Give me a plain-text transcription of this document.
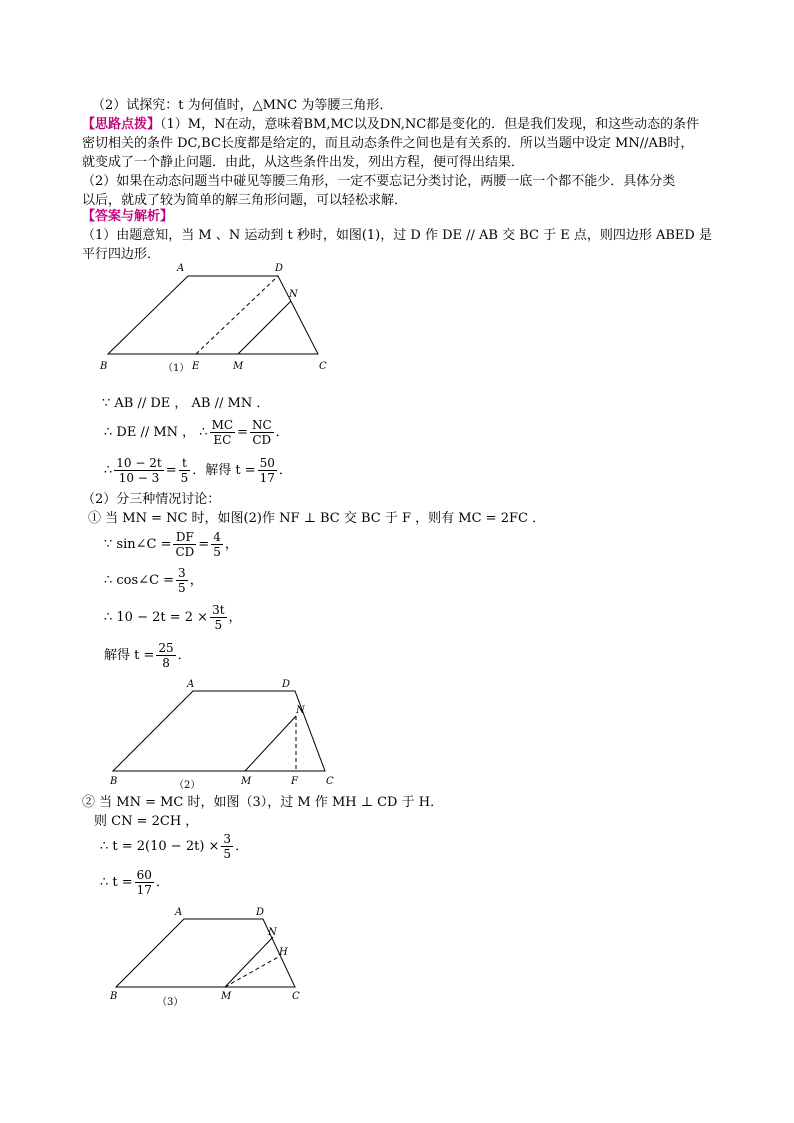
（2）试探究：t 为何值时，△MNC 为等腰三角形．
【思路点拨】（1）M，N在动，意味着BM,MC以及DN,NC都是变化的．但是我们发现，和这些动态的条件
密切相关的条件 DC,BC长度都是给定的，而且动态条件之间也是有关系的．所以当题中设定 MN//AB时，
就变成了一个静止问题．由此，从这些条件出发，列出方程，便可得出结果．
（2）如果在动态问题当中碰见等腰三角形，一定不要忘记分类讨论，两腰一底一个都不能少．具体分类
以后，就成了较为简单的解三角形问题，可以轻松求解．
【答案与解析】
（1）由题意知，当 M 、N 运动到 t 秒时，如图(1)，过 D 作 DE // AB 交 BC 于 E 点，则四边形 ABED 是
平行四边形．
A	D
N
B	E	M	C
（1）
∵ AB // DE ， AB // MN ．
∴ DE // MN ， ∴ $\frac{MC}{EC} = \frac{NC}{CD}$ ．
∴ $\frac{10 - 2t}{10 - 3} = \frac{t}{5}$ ．解得 $t = \frac{50}{17}$ ．
（2）分三种情况讨论：
① 当 MN = NC 时，如图(2)作 NF ⊥ BC 交 BC 于 F ，则有 MC = 2FC ．
∵ sin∠C = $\frac{DF}{CD} = \frac{4}{5}$ ，
∴ cos∠C = $\frac{3}{5}$ ，
∴ $10 - 2t = 2 \times \frac{3t}{5}$ ，
解得 $t = \frac{25}{8}$ ．
A	D
N
B	M	F	C
（2）
② 当 MN = MC 时，如图（3），过 M 作 MH ⊥ CD 于 H．
则 CN = 2CH ，
∴ $t = 2(10 - 2t) \times \frac{3}{5}$ ．
∴ $t = \frac{60}{17}$ ．
A	D
N
H
B	M	C
（3）
